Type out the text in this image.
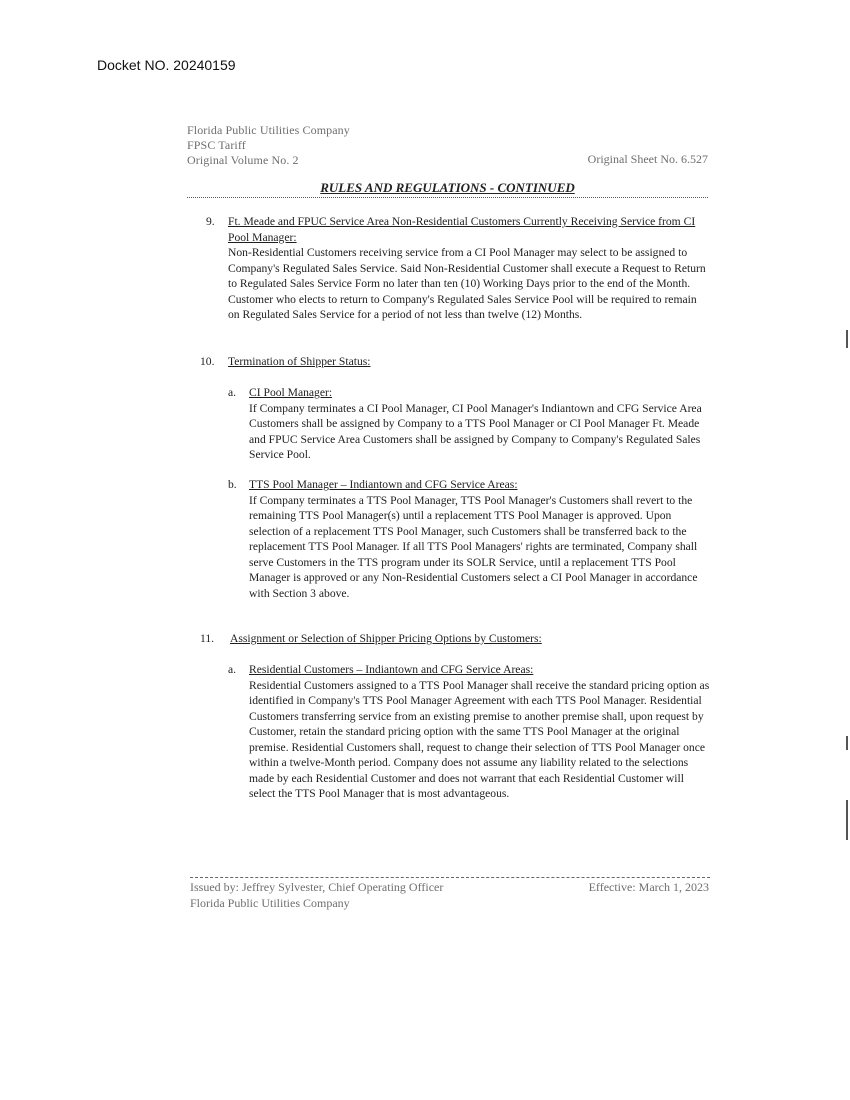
Docket NO. 20240159
Florida Public Utilities Company
FPSC Tariff
Original Volume No. 2	Original Sheet No. 6.527
RULES AND REGULATIONS - CONTINUED
9. Ft. Meade and FPUC Service Area Non-Residential Customers Currently Receiving Service from CI Pool Manager:
Non-Residential Customers receiving service from a CI Pool Manager may select to be assigned to Company's Regulated Sales Service. Said Non-Residential Customer shall execute a Request to Return to Regulated Sales Service Form no later than ten (10) Working Days prior to the end of the Month. Customer who elects to return to Company's Regulated Sales Service Pool will be required to remain on Regulated Sales Service for a period of not less than twelve (12) Months.
10. Termination of Shipper Status:
a. CI Pool Manager:
If Company terminates a CI Pool Manager, CI Pool Manager's Indiantown and CFG Service Area Customers shall be assigned by Company to a TTS Pool Manager or CI Pool Manager Ft. Meade and FPUC Service Area Customers shall be assigned by Company to Company's Regulated Sales Service Pool.
b. TTS Pool Manager – Indiantown and CFG Service Areas:
If Company terminates a TTS Pool Manager, TTS Pool Manager's Customers shall revert to the remaining TTS Pool Manager(s) until a replacement TTS Pool Manager is approved. Upon selection of a replacement TTS Pool Manager, such Customers shall be transferred back to the replacement TTS Pool Manager. If all TTS Pool Managers' rights are terminated, Company shall serve Customers in the TTS program under its SOLR Service, until a replacement TTS Pool Manager is approved or any Non-Residential Customers select a CI Pool Manager in accordance with Section 3 above.
11. Assignment or Selection of Shipper Pricing Options by Customers:
a. Residential Customers – Indiantown and CFG Service Areas:
Residential Customers assigned to a TTS Pool Manager shall receive the standard pricing option as identified in Company's TTS Pool Manager Agreement with each TTS Pool Manager. Residential Customers transferring service from an existing premise to another premise shall, upon request by Customer, retain the standard pricing option with the same TTS Pool Manager at the original premise. Residential Customers shall, request to change their selection of TTS Pool Manager once within a twelve-Month period. Company does not assume any liability related to the selections made by each Residential Customer and does not warrant that each Residential Customer will select the TTS Pool Manager that is most advantageous.
Issued by: Jeffrey Sylvester, Chief Operating Officer
Florida Public Utilities Company
Effective: March 1, 2023
